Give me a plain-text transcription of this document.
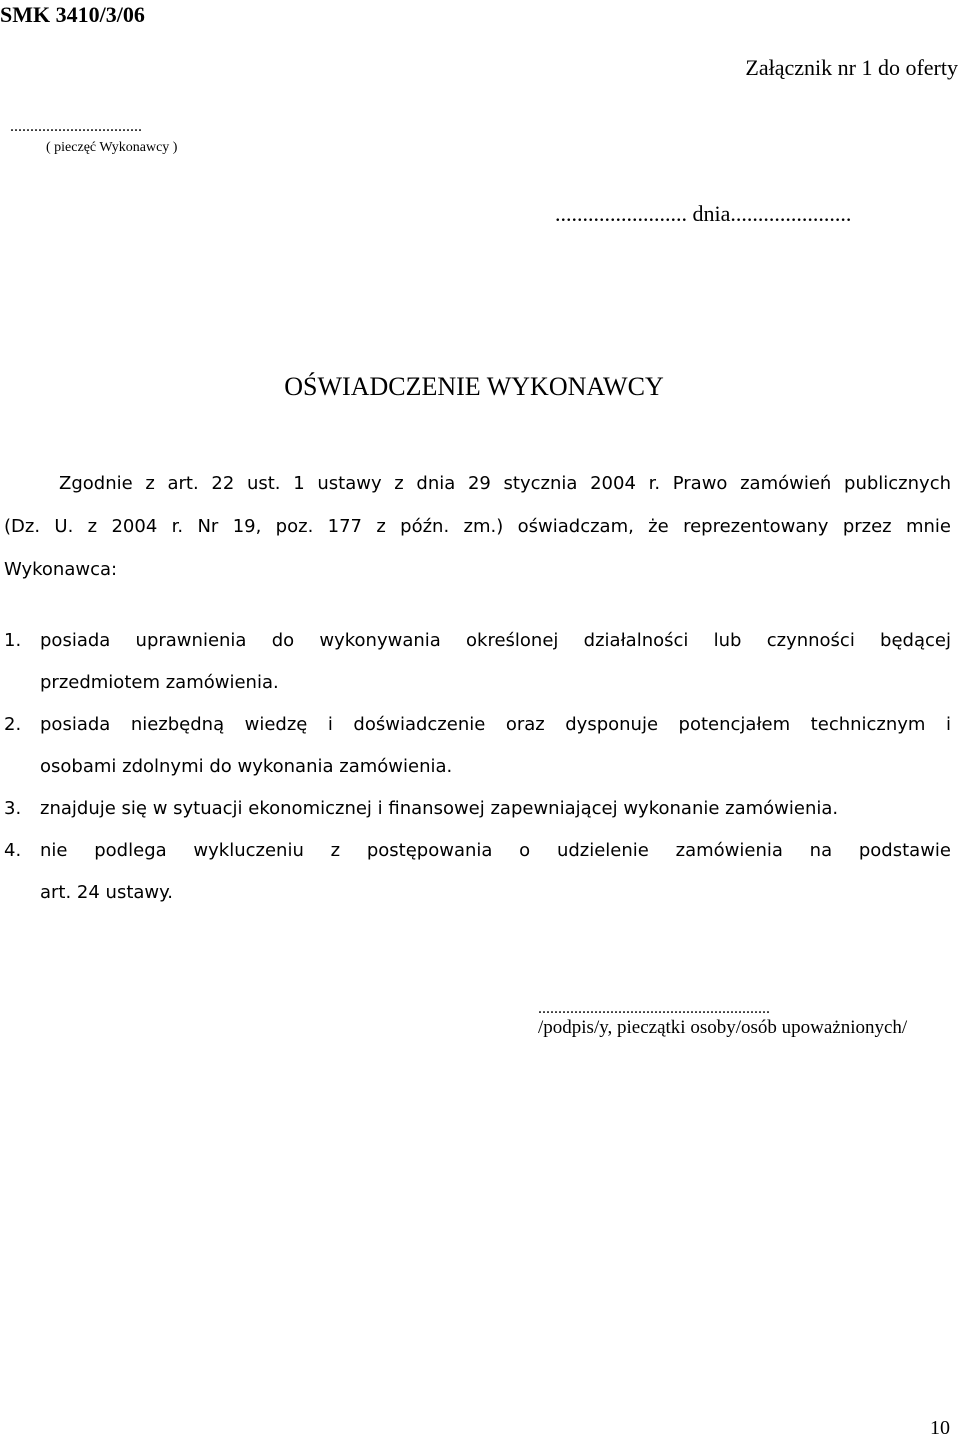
SMK 3410/3/06
Załącznik nr 1 do oferty
.................................
( pieczęć Wykonawcy )
........................ dnia......................
OŚWIADCZENIE WYKONAWCY
Zgodnie z art. 22 ust. 1 ustawy z dnia 29 stycznia 2004 r. Prawo zamówień publicznych
(Dz. U. z 2004 r. Nr 19, poz. 177 z późn. zm.) oświadczam, że reprezentowany przez mnie
Wykonawca:
1. posiada uprawnienia do wykonywania określonej działalności lub czynności będącej
przedmiotem zamówienia.
2. posiada niezbędną wiedzę i doświadczenie oraz dysponuje potencjałem technicznym i
osobami zdolnymi do wykonania zamówienia.
3. znajduje się w sytuacji ekonomicznej i finansowej zapewniającej wykonanie zamówienia.
4. nie podlega wykluczeniu z postępowania o udzielenie zamówienia na podstawie
art. 24 ustawy.
..........................................................
/podpis/y, pieczątki osoby/osób upoważnionych/
10
